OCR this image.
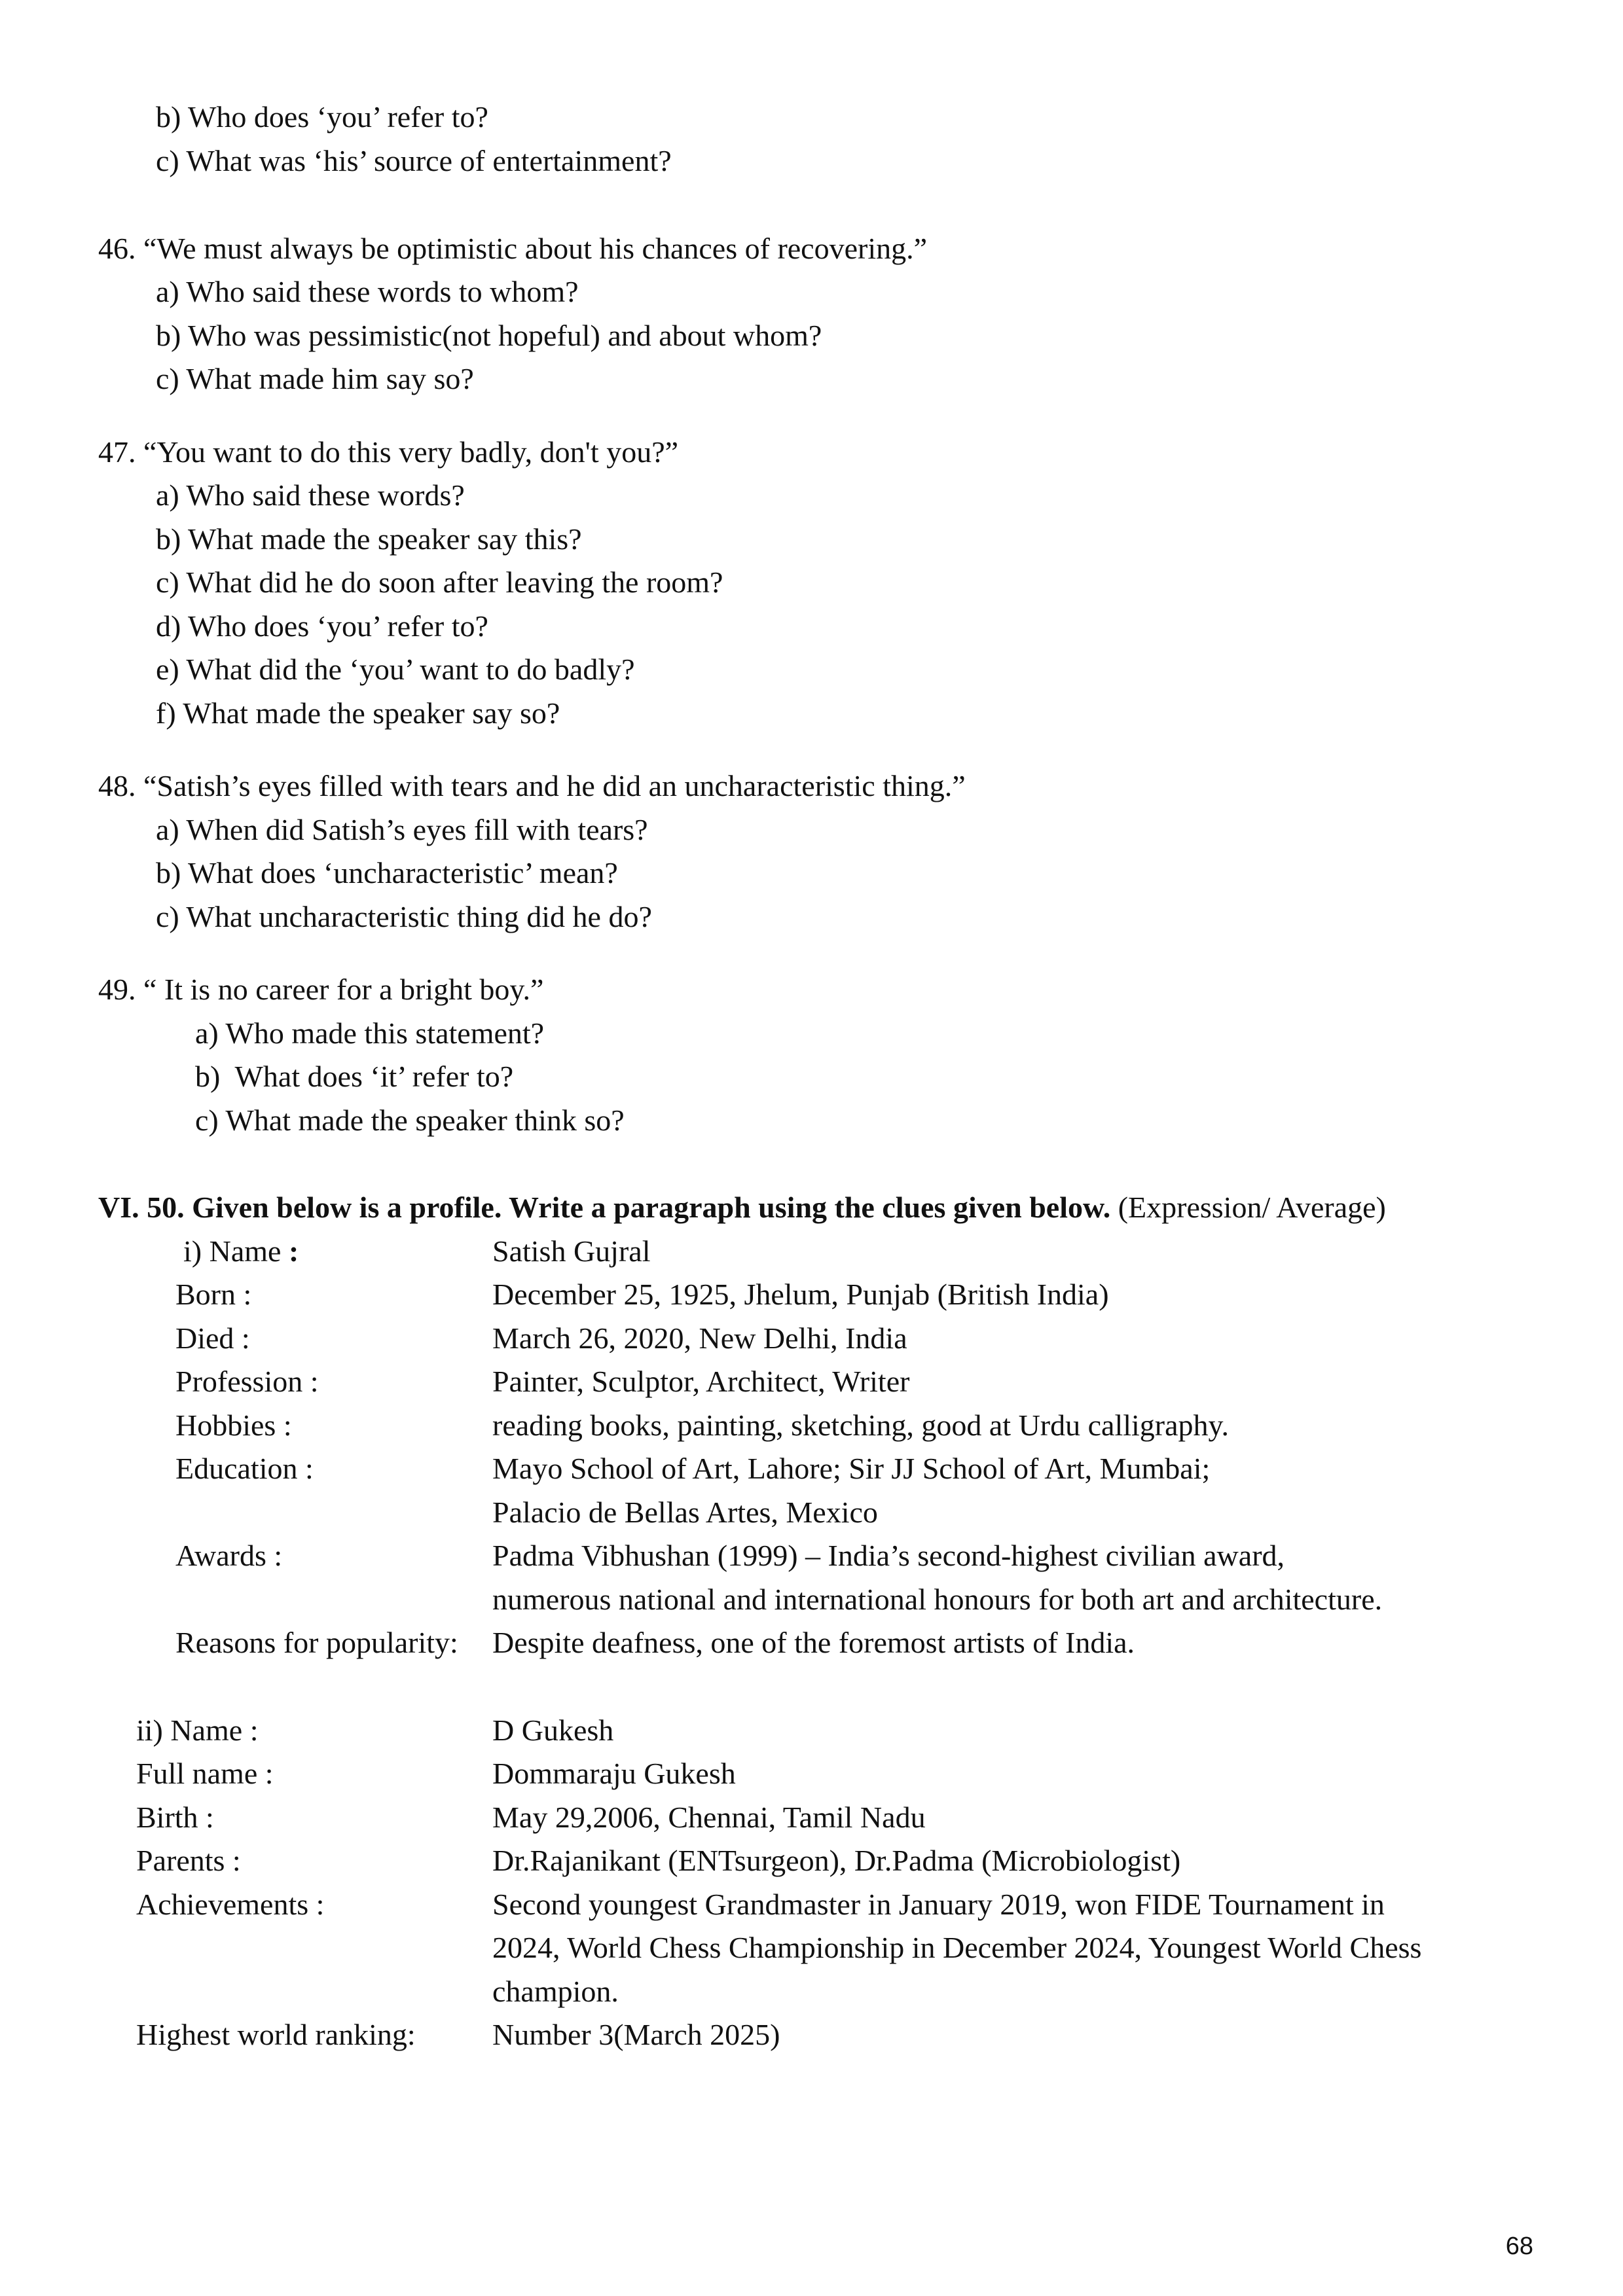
b) Who does ‘you’ refer to?
c) What was ‘his’ source of entertainment?
46. “We must always be optimistic about his chances of recovering.”
a) Who said these words to whom?
b) Who was pessimistic(not hopeful) and about whom?
c) What made him say so?
47. “You want to do this very badly, don't you?”
a) Who said these words?
b) What made the speaker say this?
c) What did he do soon after leaving the room?
d) Who does ‘you’ refer to?
e) What did the ‘you’ want to do badly?
f) What made the speaker say so?
48. “Satish’s eyes filled with tears and he did an uncharacteristic thing.”
a) When did Satish’s eyes fill with tears?
b) What does ‘uncharacteristic’ mean?
c) What uncharacteristic thing did he do?
49. “ It is no career for a bright boy.”
a) Who made this statement?
b)  What does ‘it’ refer to?
c) What made the speaker think so?
VI. 50. Given below is a profile. Write a paragraph using the clues given below. (Expression/ Average)
i) Name :	Satish Gujral
Born :	December 25, 1925, Jhelum, Punjab (British India)
Died :	March 26, 2020, New Delhi, India
Profession :	Painter, Sculptor, Architect, Writer
Hobbies :	reading books, painting, sketching, good at Urdu calligraphy.
Education :	Mayo School of Art, Lahore; Sir JJ School of Art, Mumbai;
Palacio de Bellas Artes, Mexico
Awards :	Padma Vibhushan (1999) – India’s second-highest civilian award,
numerous national and international honours for both art and architecture.
Reasons for popularity: Despite deafness, one of the foremost artists of India.
ii) Name :	D Gukesh
Full name :	Dommaraju Gukesh
Birth :	May 29,2006, Chennai, Tamil Nadu
Parents :	Dr.Rajanikant (ENTsurgeon), Dr.Padma (Microbiologist)
Achievements :	Second youngest Grandmaster in January 2019, won FIDE Tournament in
2024, World Chess Championship in December 2024, Youngest World Chess
champion.
Highest world ranking:	Number 3(March 2025)
68
